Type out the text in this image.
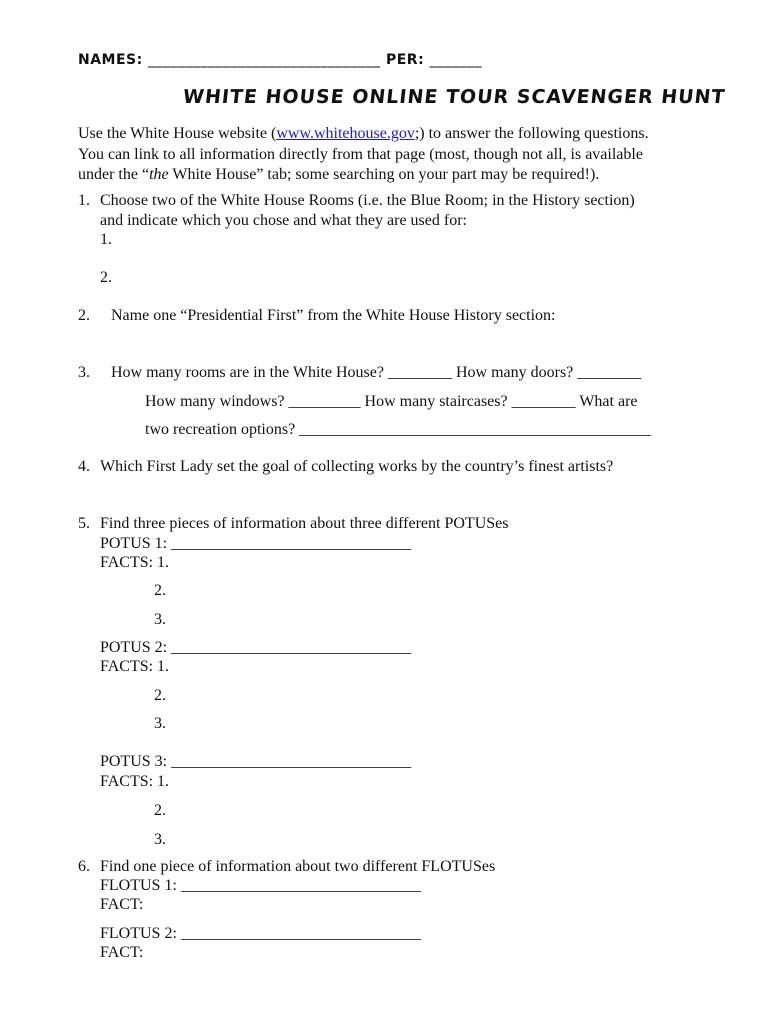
NAMES: _______________________________ PER: _______
WHITE HOUSE ONLINE TOUR SCAVENGER HUNT
Use the White House website (www.whitehouse.gov;) to answer the following questions.
You can link to all information directly from that page (most, though not all, is available
under the “the White House” tab; some searching on your part may be required!).
1. Choose two of the White House Rooms (i.e. the Blue Room; in the History section)
and indicate which you chose and what they are used for:
1.
2.
2. Name one “Presidential First” from the White House History section:
3. How many rooms are in the White House? ________ How many doors? ________
How many windows? _________ How many staircases? ________ What are
two recreation options? ____________________________________________
4. Which First Lady set the goal of collecting works by the country’s finest artists?
5. Find three pieces of information about three different POTUSes
POTUS 1: ______________________________
FACTS: 1.
2.
3.
POTUS 2: ______________________________
FACTS: 1.
2.
3.
POTUS 3: ______________________________
FACTS: 1.
2.
3.
6. Find one piece of information about two different FLOTUSes
FLOTUS 1: ______________________________
FACT:
FLOTUS 2: ______________________________
FACT:
